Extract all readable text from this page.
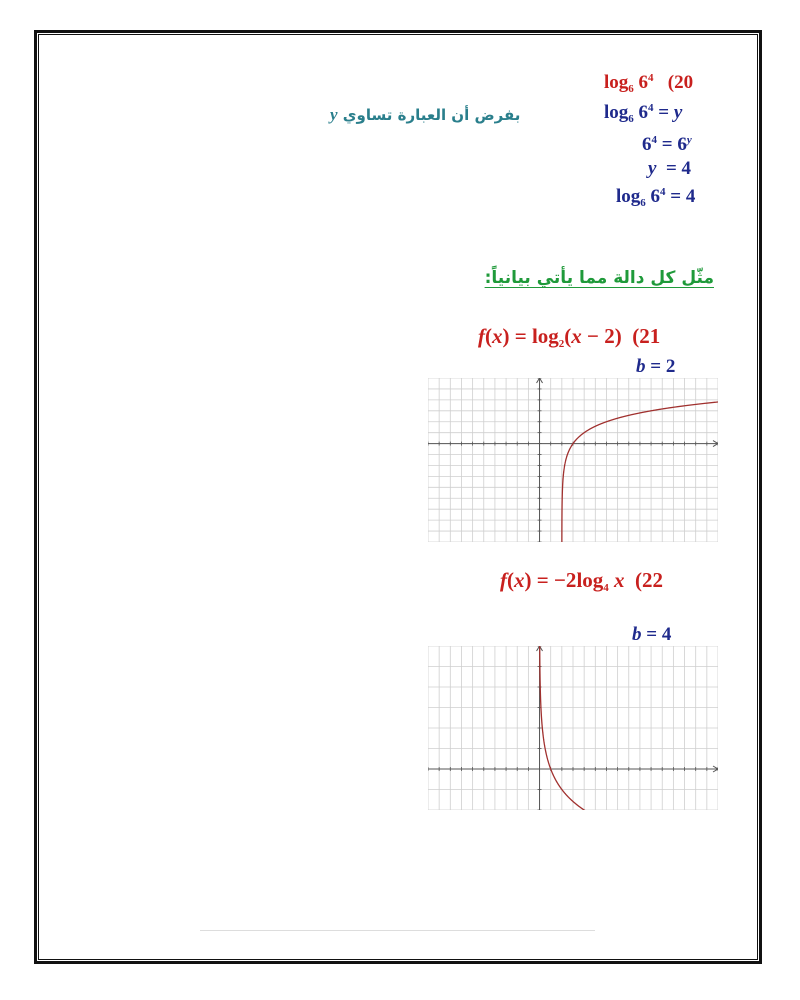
$\log_6 6^4$ (20
بفرض أن العبارة تساوي y	$\log_6 6^4 = y$
$6^4 = 6^y$
y  = 4
$\log_6 6^4 = 4$
مثّل كل دالة مما يأتي بيانياً:
$f(x) = \log_2(x - 2)$  (21
b = 2
$f(x) = -2\log_4$ x (22
b = 4
